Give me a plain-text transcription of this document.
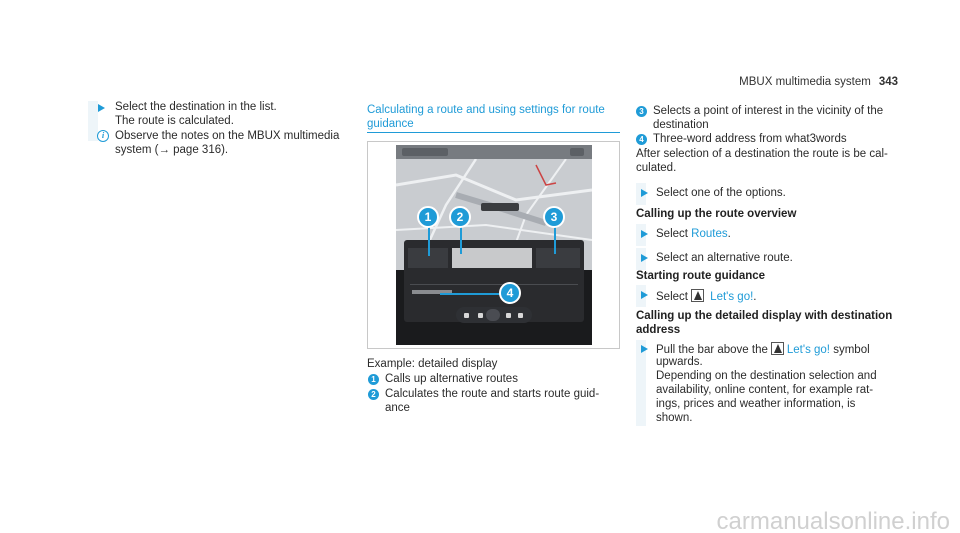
MBUX multimedia system 343
Select the destination in the list.
The route is calculated.
i Observe the notes on the MBUX multimedia
system (→ page 316).
Calculating a route and using settings for route
guidance
1	2	3
4
Example: detailed display
1 Calls up alternative routes
2 Calculates the route and starts route guid-
ance
3 Selects a point of interest in the vicinity of the
destination
4 Three-word address from what3words
After selection of a destination the route is be cal-
culated.
Select one of the options.
Calling up the route overview
Select Routes.
Select an alternative route.
Starting route guidance
Select Let's go!.
Calling up the detailed display with destination
address
Pull the bar above the Let's go! symbol
upwards.
Depending on the destination selection and
availability, online content, for example rat-
ings, prices and weather information, is
shown.
carmanualsonline.info
